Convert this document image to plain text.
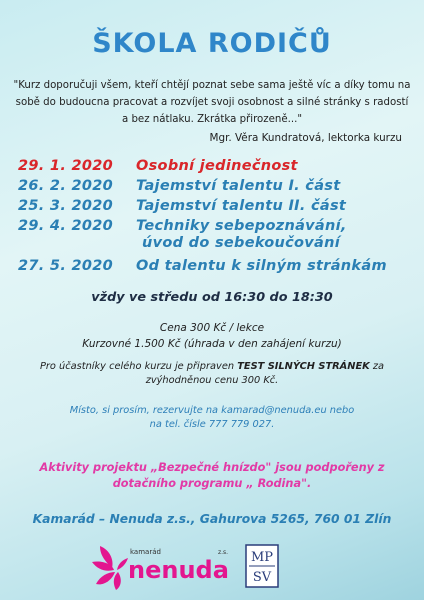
ŠKOLA RODIČŮ
"Kurz doporučuji všem, kteří chtějí poznat sebe sama ještě víc a díky tomu na
sobě do budoucna pracovat a rozvíjet svoji osobnost a silné stránky s radostí
a bez nátlaku. Zkrátka přirozeně..."
Mgr. Věra Kundratová, lektorka kurzu
29. 1. 2020 Osobní jedinečnost
26. 2. 2020 Tajemství talentu I. část
25. 3. 2020 Tajemství talentu II. část
29. 4. 2020 Techniky sebepoznávání,
úvod do sebekoučování
27. 5. 2020 Od talentu k silným stránkám
vždy ve středu od 16:30 do 18:30
Cena 300 Kč / lekce
Kurzovné 1.500 Kč (úhrada v den zahájení kurzu)
Pro účastníky celého kurzu je připraven TEST SILNÝCH STRÁNEK za
zvýhodněnou cenu 300 Kč.
Místo, si prosím, rezervujte na kamarad@nenuda.eu nebo
na tel. čísle 777 779 027.
Aktivity projektu „Bezpečné hnízdo" jsou podpořeny z
dotačního programu „ Rodina".
Kamarád – Nenuda z.s., Gahurova 5265, 760 01 Zlín
kamarád	z.s.
nenuda MP
SV
